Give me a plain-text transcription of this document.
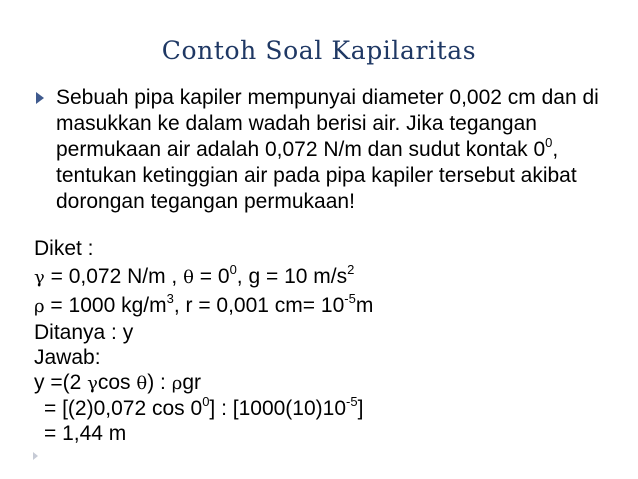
Contoh Soal Kapilaritas
Sebuah pipa kapiler mempunyai diameter 0,002 cm dan di masukkan ke dalam wadah berisi air. Jika tegangan permukaan air adalah 0,072 N/m dan sudut kontak $0^0$, tentukan ketinggian air pada pipa kapiler tersebut akibat dorongan tegangan permukaan!
Diket :
γ = 0,072 N/m , $\theta = 0^0$, g = 10 $m/s^2$
ρ = 1000 $kg/m^3$, r = 0,001 $cm= 10^{-5}m$
Ditanya : y
Jawab:
y =(2 γcos θ) : ρgr
= [(2)0,072 $\cos 0^0$] : $[1000(10)10^{-5}]$
= 1,44 m
